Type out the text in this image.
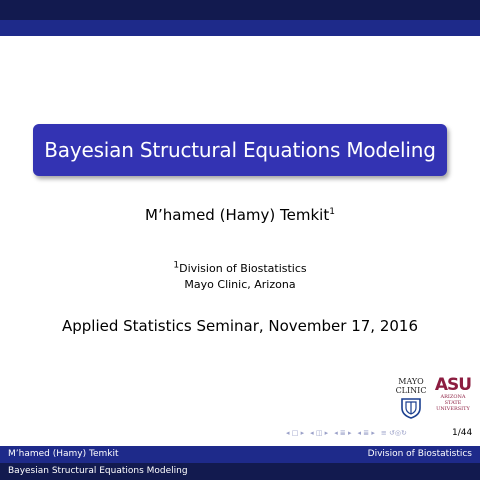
Bayesian Structural Equations Modeling
M’hamed (Hamy) Temkit$^1$
$^1$Division of Biostatistics
Mayo Clinic, Arizona
Applied Statistics Seminar, November 17, 2016
MAYO
CLINIC ASU
ARIZONA STATE
UNIVERSITY
◂ □ ▸ ◂ ◫ ▸ ◂ ≣ ▸ ◂ ≣ ▸ ≡ ↺◎↻	1/44
M’hamed (Hamy) Temkit	Division of Biostatistics
Bayesian Structural Equations Modeling
